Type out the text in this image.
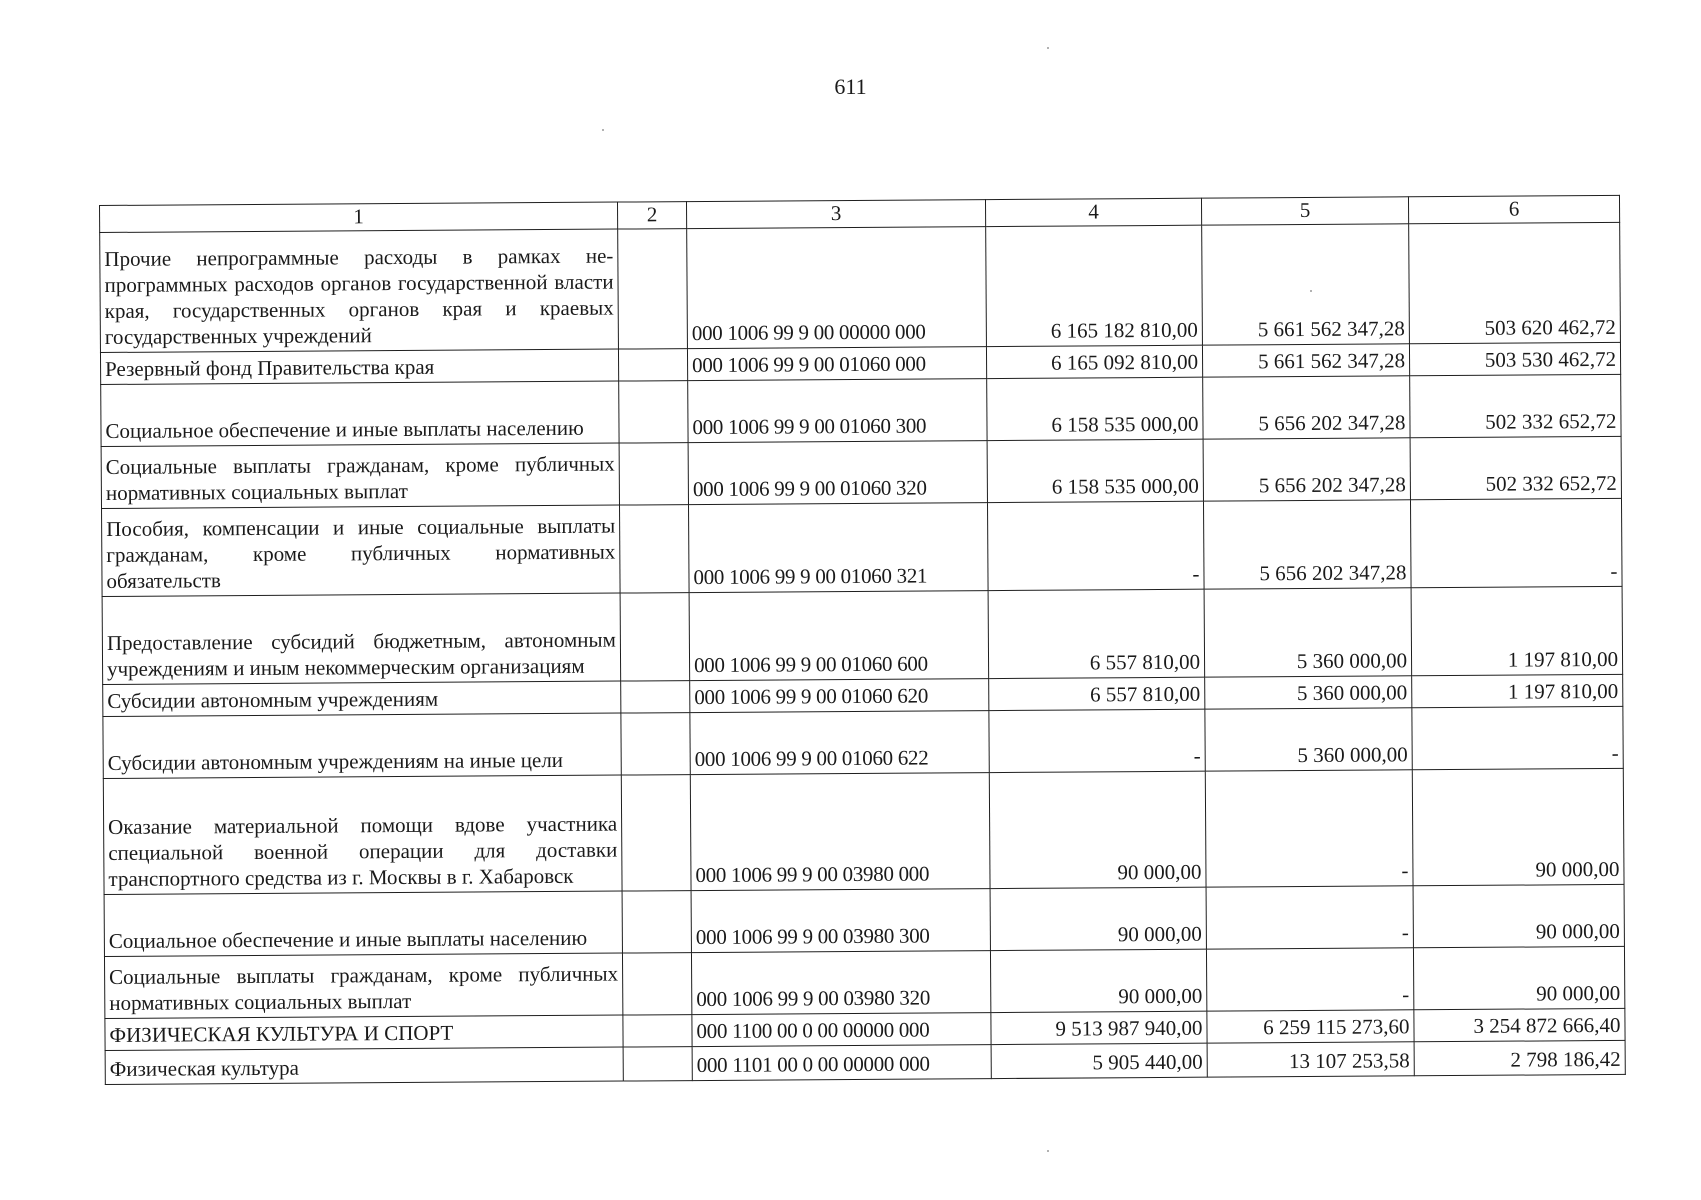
611
1	2	3	4	5	6
Прочие непрограммные расходы в рамках непрограммных расходов органов государственной власти края, государственных органов края и краевых государственных учреждений		000 1006 99 9 00 00000 000	6 165 182 810,00	5 661 562 347,28	503 620 462,72
Резервный фонд Правительства края		000 1006 99 9 00 01060 000	6 165 092 810,00	5 661 562 347,28	503 530 462,72
Социальное обеспечение и иные выплаты населению		000 1006 99 9 00 01060 300	6 158 535 000,00	5 656 202 347,28	502 332 652,72
Социальные выплаты гражданам, кроме публичных нормативных социальных выплат		000 1006 99 9 00 01060 320	6 158 535 000,00	5 656 202 347,28	502 332 652,72
Пособия, компенсации и иные социальные выплаты гражданам, кроме публичных нормативных обязательств		000 1006 99 9 00 01060 321	-	5 656 202 347,28	-
Предоставление субсидий бюджетным, автономным учреждениям и иным некоммерческим организациям		000 1006 99 9 00 01060 600	6 557 810,00	5 360 000,00	1 197 810,00
Субсидии автономным учреждениям		000 1006 99 9 00 01060 620	6 557 810,00	5 360 000,00	1 197 810,00
Субсидии автономным учреждениям на иные цели		000 1006 99 9 00 01060 622	-	5 360 000,00	-
Оказание материальной помощи вдове участника специальной военной операции для доставки транспортного средства из г. Москвы в г. Хабаровск		000 1006 99 9 00 03980 000	90 000,00	-	90 000,00
Социальное обеспечение и иные выплаты населению		000 1006 99 9 00 03980 300	90 000,00	-	90 000,00
Социальные выплаты гражданам, кроме публичных нормативных социальных выплат		000 1006 99 9 00 03980 320	90 000,00	-	90 000,00
ФИЗИЧЕСКАЯ КУЛЬТУРА И СПОРТ		000 1100 00 0 00 00000 000	9 513 987 940,00	6 259 115 273,60	3 254 872 666,40
Физическая культура		000 1101 00 0 00 00000 000	5 905 440,00	13 107 253,58	2 798 186,42
